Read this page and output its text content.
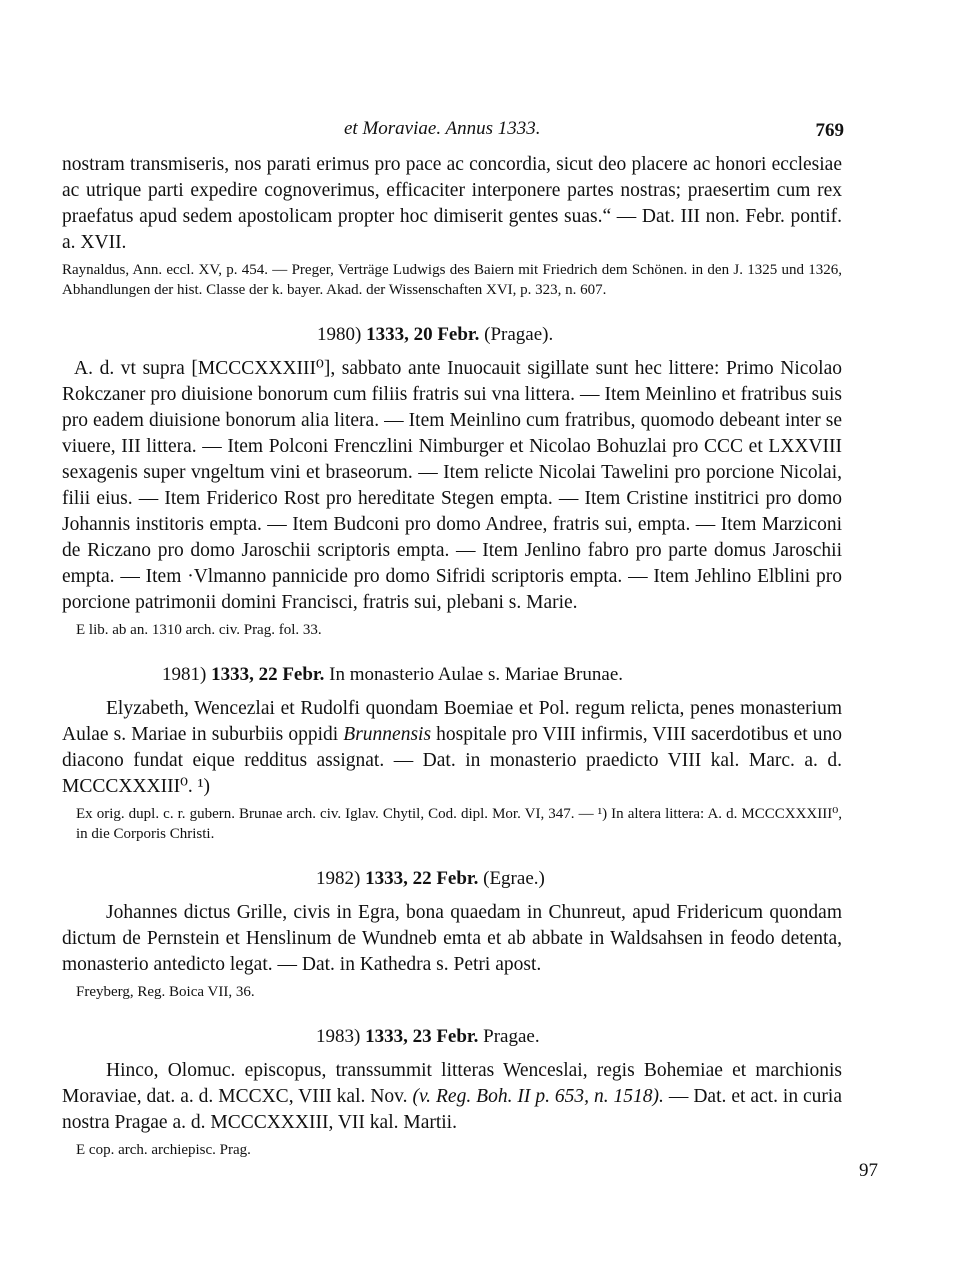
et Moraviae. Annus 1333.	769

nostram transmiseris, nos parati erimus pro pace ac concordia, sicut deo placere ac honori ecclesiae ac utrique parti expedire cognoverimus, efficaciter interponere partes nostras; praesertim cum rex praefatus apud sedem apostolicam propter hoc dimiserit gentes suas.“ — Dat. III non. Febr. pontif. a. XVII.

Raynaldus, Ann. eccl. XV, p. 454. — Preger, Verträge Ludwigs des Baiern mit Friedrich dem Schönen. in den J. 1325 und 1326, Abhandlungen der hist. Classe der k. bayer. Akad. der Wissenschaften XVI, p. 323, n. 607.

1980) 1333, 20 Febr. (Pragae).

A. d. vt supra [MCCCXXXIII⁰], sabbato ante Inuocauit sigillate sunt hec littere: Primo Nicolao Rokczaner pro diuisione bonorum cum filiis fratris sui vna littera. — Item Meinlino et fratribus suis pro eadem diuisione bonorum alia litera. — Item Meinlino cum fratribus, quomodo debeant inter se viuere, III littera. — Item Polconi Frenczlini Nimburger et Nicolao Bohuzlai pro CCC et LXXVIII sexagenis super vngeltum vini et braseorum. — Item relicte Nicolai Tawelini pro porcione Nicolai, filii eius. — Item Friderico Rost pro hereditate Stegen empta. — Item Cristine institrici pro domo Johannis institoris empta. — Item Budconi pro domo Andree, fratris sui, empta. — Item Marziconi de Riczano pro domo Jaroschii scriptoris empta. — Item Jenlino fabro pro parte domus Jaroschii empta. — Item ·Vlmanno pannicide pro domo Sifridi scriptoris empta. — Item Jehlino Elblini pro porcione patrimonii domini Francisci, fratris sui, plebani s. Marie.

E lib. ab an. 1310 arch. civ. Prag. fol. 33.

1981) 1333, 22 Febr. In monasterio Aulae s. Mariae Brunae.

Elyzabeth, Wencezlai et Rudolfi quondam Boemiae et Pol. regum relicta, penes monasterium Aulae s. Mariae in suburbiis oppidi Brunnensis hospitale pro VIII infirmis, VIII sacerdotibus et uno diacono fundat eique redditus assignat. — Dat. in monasterio praedicto VIII kal. Marc. a. d. MCCCXXXIII⁰. ¹)

Ex orig. dupl. c. r. gubern. Brunae arch. civ. Iglav. Chytil, Cod. dipl. Mor. VI, 347. — ¹) In altera littera: A. d. MCCCXXXIII⁰, in die Corporis Christi.

1982) 1333, 22 Febr. (Egrae.)

Johannes dictus Grille, civis in Egra, bona quaedam in Chunreut, apud Fridericum quondam dictum de Pernstein et Henslinum de Wundneb emta et ab abbate in Waldsahsen in feodo detenta, monasterio antedicto legat. — Dat. in Kathedra s. Petri apost.

Freyberg, Reg. Boica VII, 36.

1983) 1333, 23 Febr. Pragae.

Hinco, Olomuc. episcopus, transsummit litteras Wenceslai, regis Bohemiae et marchionis Moraviae, dat. a. d. MCCXC, VIII kal. Nov. (v. Reg. Boh. II p. 653, n. 1518). — Dat. et act. in curia nostra Pragae a. d. MCCCXXXIII, VII kal. Martii.

E cop. arch. archiepisc. Prag.

97
